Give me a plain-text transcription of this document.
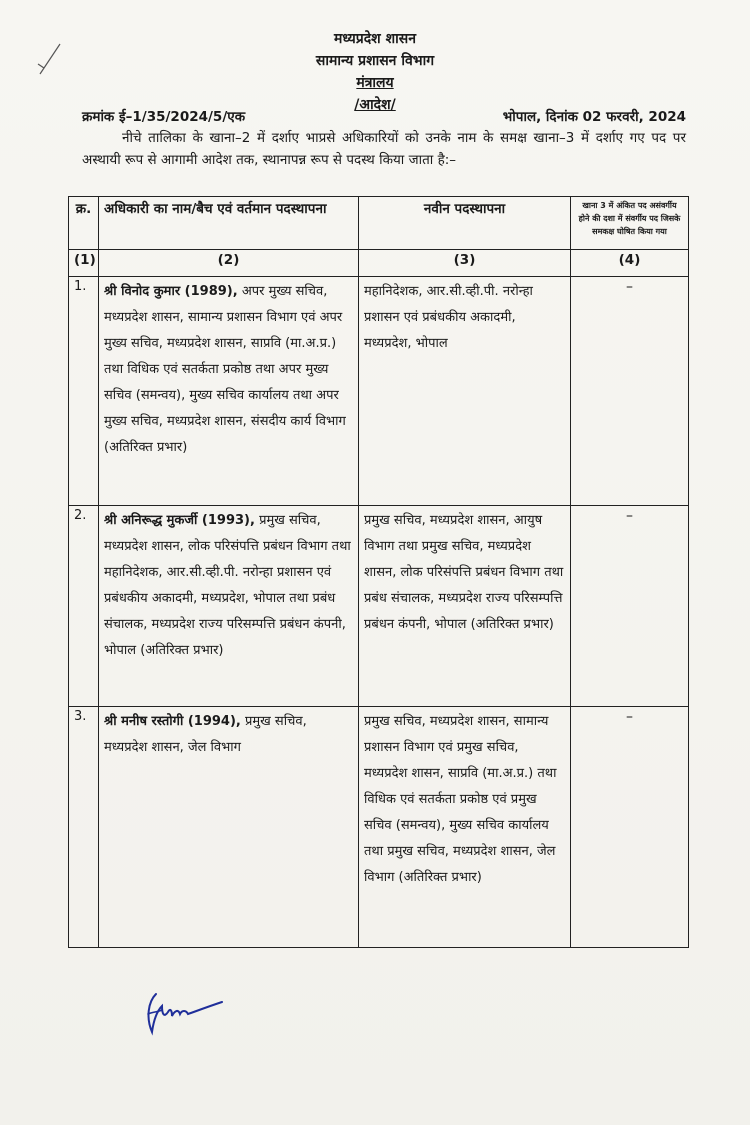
मध्यप्रदेश शासन
सामान्य प्रशासन विभाग
मंत्रालय
/आदेश/
क्रमांक ई–1/35/2024/5/एक	भोपाल, दिनांक 02 फरवरी, 2024
नीचे तालिका के खाना–2 में दर्शाए भाप्रसे अधिकारियों को उनके नाम के समक्ष खाना–3 में दर्शाए गए पद पर अस्थायी रूप से आगामी आदेश तक, स्थानापन्न रूप से पदस्थ किया जाता है:–
क्र.	अधिकारी का नाम/बैच एवं वर्तमान पदस्थापना	नवीन पदस्थापना	खाना 3 में अंकित पद असंवर्गीय होने की दशा में संवर्गीय पद जिसके समकक्ष घोषित किया गया
(1)	(2)	(3)	(4)
1.	श्री विनोद कुमार (1989), अपर मुख्य सचिव, मध्यप्रदेश शासन, सामान्य प्रशासन विभाग एवं अपर मुख्य सचिव, मध्यप्रदेश शासन, साप्रवि (मा.अ.प्र.) तथा विधिक एवं सतर्कता प्रकोष्ठ तथा अपर मुख्य सचिव (समन्वय), मुख्य सचिव कार्यालय तथा अपर मुख्य सचिव, मध्यप्रदेश शासन, संसदीय कार्य विभाग (अतिरिक्त प्रभार)	महानिदेशक, आर.सी.व्ही.पी. नरोन्हा प्रशासन एवं प्रबंधकीय अकादमी, मध्यप्रदेश, भोपाल	–
2.	श्री अनिरूद्ध मुकर्जी (1993), प्रमुख सचिव, मध्यप्रदेश शासन, लोक परिसंपत्ति प्रबंधन विभाग तथा महानिदेशक, आर.सी.व्ही.पी. नरोन्हा प्रशासन एवं प्रबंधकीय अकादमी, मध्यप्रदेश, भोपाल तथा प्रबंध संचालक, मध्यप्रदेश राज्य परिसम्पत्ति प्रबंधन कंपनी, भोपाल (अतिरिक्त प्रभार)	प्रमुख सचिव, मध्यप्रदेश शासन, आयुष विभाग तथा प्रमुख सचिव, मध्यप्रदेश शासन, लोक परिसंपत्ति प्रबंधन विभाग तथा प्रबंध संचालक, मध्यप्रदेश राज्य परिसम्पत्ति प्रबंधन कंपनी, भोपाल (अतिरिक्त प्रभार)	–
3.	श्री मनीष रस्तोगी (1994), प्रमुख सचिव, मध्यप्रदेश शासन, जेल विभाग	प्रमुख सचिव, मध्यप्रदेश शासन, सामान्य प्रशासन विभाग एवं प्रमुख सचिव, मध्यप्रदेश शासन, साप्रवि (मा.अ.प्र.) तथा विधिक एवं सतर्कता प्रकोष्ठ एवं प्रमुख सचिव (समन्वय), मुख्य सचिव कार्यालय तथा प्रमुख सचिव, मध्यप्रदेश शासन, जेल विभाग (अतिरिक्त प्रभार)	–
